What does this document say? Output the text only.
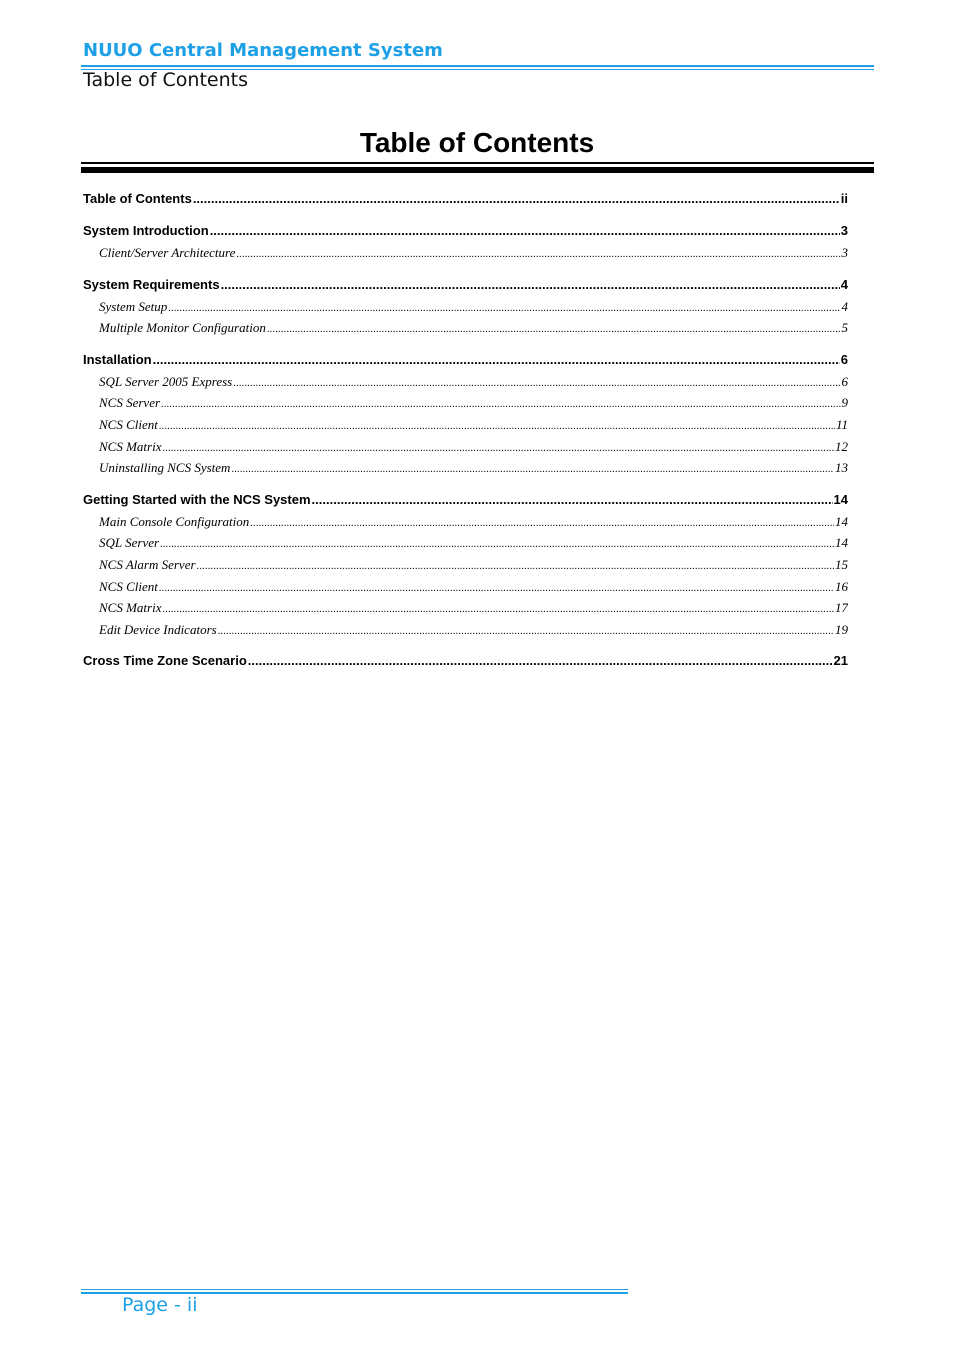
NUUO Central Management System
Table of Contents
Table of Contents
Table of Contents .....	ii
System Introduction .....	3
Client/Server Architecture .....	3
System Requirements .....	4
System Setup .....	4
Multiple Monitor Configuration .....	5
Installation .....	6
SQL Server 2005 Express .....	6
NCS Server .....	9
NCS Client .....	11
NCS Matrix .....	12
Uninstalling NCS System .....	13
Getting Started with the NCS System .....	14
Main Console Configuration .....	14
SQL Server .....	14
NCS Alarm Server .....	15
NCS Client .....	16
NCS Matrix .....	17
Edit Device Indicators .....	19
Cross Time Zone Scenario .....	21
Page - ii
